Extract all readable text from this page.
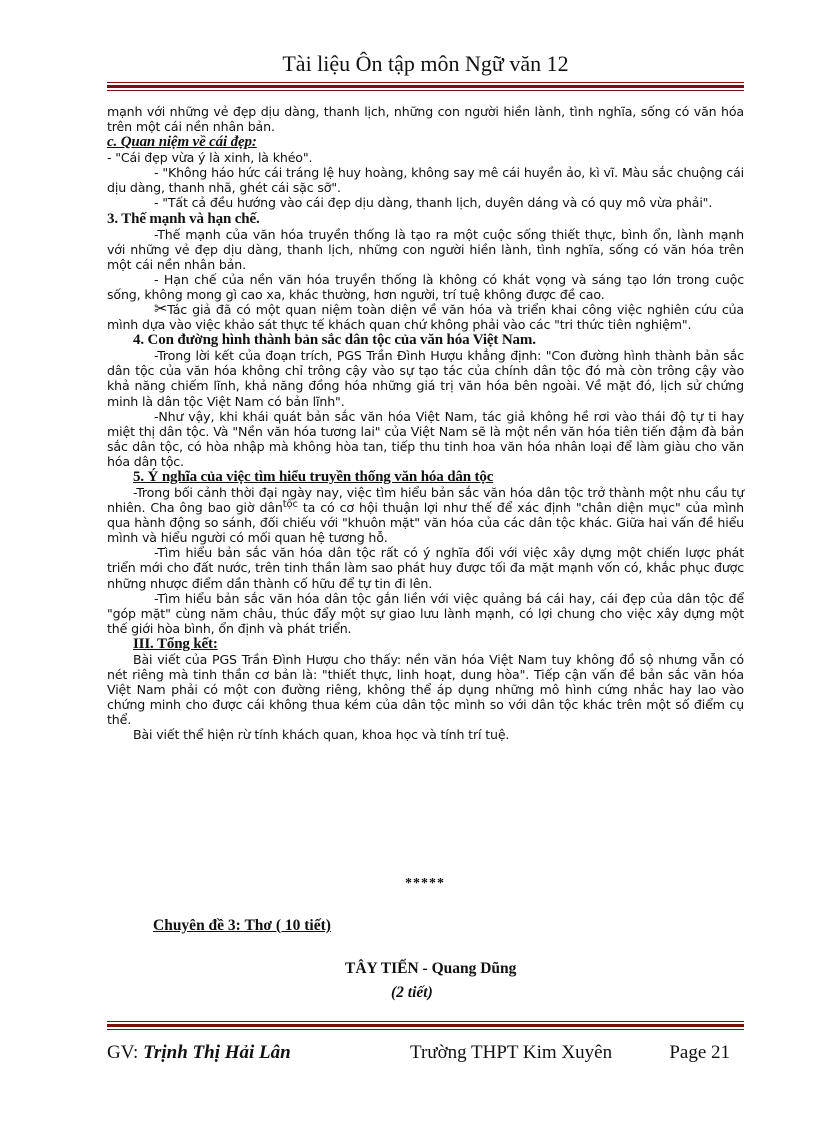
Tài liệu Ôn tập môn Ngữ văn 12

mạnh với những vẻ đẹp dịu dàng, thanh lịch, những con người hiền lành, tình nghĩa, sống có văn hóa trên một cái nền nhân bản.

c. Quan niệm về cái đẹp:

- "Cái đẹp vừa ý là xinh, là khéo".

- "Không háo hức cái tráng lệ huy hoàng, không say mê cái huyền ảo, kì vĩ. Màu sắc chuộng cái dịu dàng, thanh nhã, ghét cái sặc sỡ".

- "Tất cả đều hướng vào cái đẹp dịu dàng, thanh lịch, duyên dáng và có quy mô vừa phải".

3. Thế mạnh và hạn chế.

-Thế mạnh của văn hóa truyền thống là tạo ra một cuộc sống thiết thực, bình ổn, lành mạnh với những vẻ đẹp dịu dàng, thanh lịch, những con người hiền lành, tình nghĩa, sống có văn hóa trên một cái nền nhân bản.

- Hạn chế của nền văn hóa truyền thống là không có khát vọng và sáng tạo lớn trong cuộc sống, không mong gì cao xa, khác thường, hơn người, trí tuệ không được đề cao.

✂Tác giả đã có một quan niệm toàn diện về văn hóa và triển khai công việc nghiên cứu của mình dựa vào việc khảo sát thực tế khách quan chứ không phải vào các "tri thức tiên nghiệm".

4. Con đường hình thành bản sắc dân tộc của văn hóa Việt Nam.

-Trong lời kết của đoạn trích, PGS Trần Đình Hượu khẳng định: "Con đường hình thành bản sắc dân tộc của văn hóa không chỉ trông cậy vào sự tạo tác của chính dân tộc đó mà còn trông cậy vào khả năng chiếm lĩnh, khả năng đồng hóa những giá trị văn hóa bên ngoài. Về mặt đó, lịch sử chứng minh là dân tộc Việt Nam có bản lĩnh".

-Như vậy, khi khái quát bản sắc văn hóa Việt Nam, tác giả không hề rơi vào thái độ tự ti hay miệt thị dân tộc. Và "Nền văn hóa tương lai" của Việt Nam sẽ là một nền văn hóa tiên tiến đậm đà bản sắc dân tộc, có hòa nhập mà không hòa tan, tiếp thu tinh hoa văn hóa nhân loại để làm giàu cho văn hóa dân tộc.

5. Ý nghĩa của việc tìm hiểu truyền thống văn hóa dân tộc

-Trong bối cảnh thời đại ngày nay, việc tìm hiểu bản sắc văn hóa dân tộc trở thành một nhu cầu tự nhiên. Cha ông bao giờ dân$^{tộc}$ ta có cơ hội thuận lợi như thế để xác định "chân diện mục" của mình qua hành động so sánh, đối chiếu với "khuôn mặt" văn hóa của các dân tộc khác. Giữa hai vấn đề hiểu mình và hiểu người có mối quan hệ tương hỗ.

-Tìm hiểu bản sắc văn hóa dân tộc rất có ý nghĩa đối với việc xây dựng một chiến lược phát triển mới cho đất nước, trên tinh thần làm sao phát huy được tối đa mặt mạnh vốn có, khắc phục được những nhược điểm dần thành cố hữu để tự tin đi lên.

-Tìm hiểu bản sắc văn hóa dân tộc gắn liền với việc quảng bá cái hay, cái đẹp của dân tộc để "góp mặt" cùng năm châu, thúc đẩy một sự giao lưu lành mạnh, có lợi chung cho việc xây dựng một thế giới hòa bình, ổn định và phát triển.

III. Tổng kết:

Bài viết của PGS Trần Đình Hượu cho thấy: nền văn hóa Việt Nam tuy không đồ sộ nhưng vẫn có nét riêng mà tinh thần cơ bản là: "thiết thực, linh hoạt, dung hòa". Tiếp cận vấn đề bản sắc văn hóa Việt Nam phải có một con đường riêng, không thể áp dụng những mô hình cứng nhắc hay lao vào chứng minh cho được cái không thua kém của dân tộc mình so với dân tộc khác trên một số điểm cụ thể.

Bài viết thể hiện rừ tính khách quan, khoa học và tính trí tuệ.

*****
Chuyên đề 3: Thơ ( 10 tiết)
TÂY TIẾN - Quang Dũng
(2 tiết)
GV: Trịnh Thị Hải Lân	Trường THPT Kim Xuyên	Page 21
